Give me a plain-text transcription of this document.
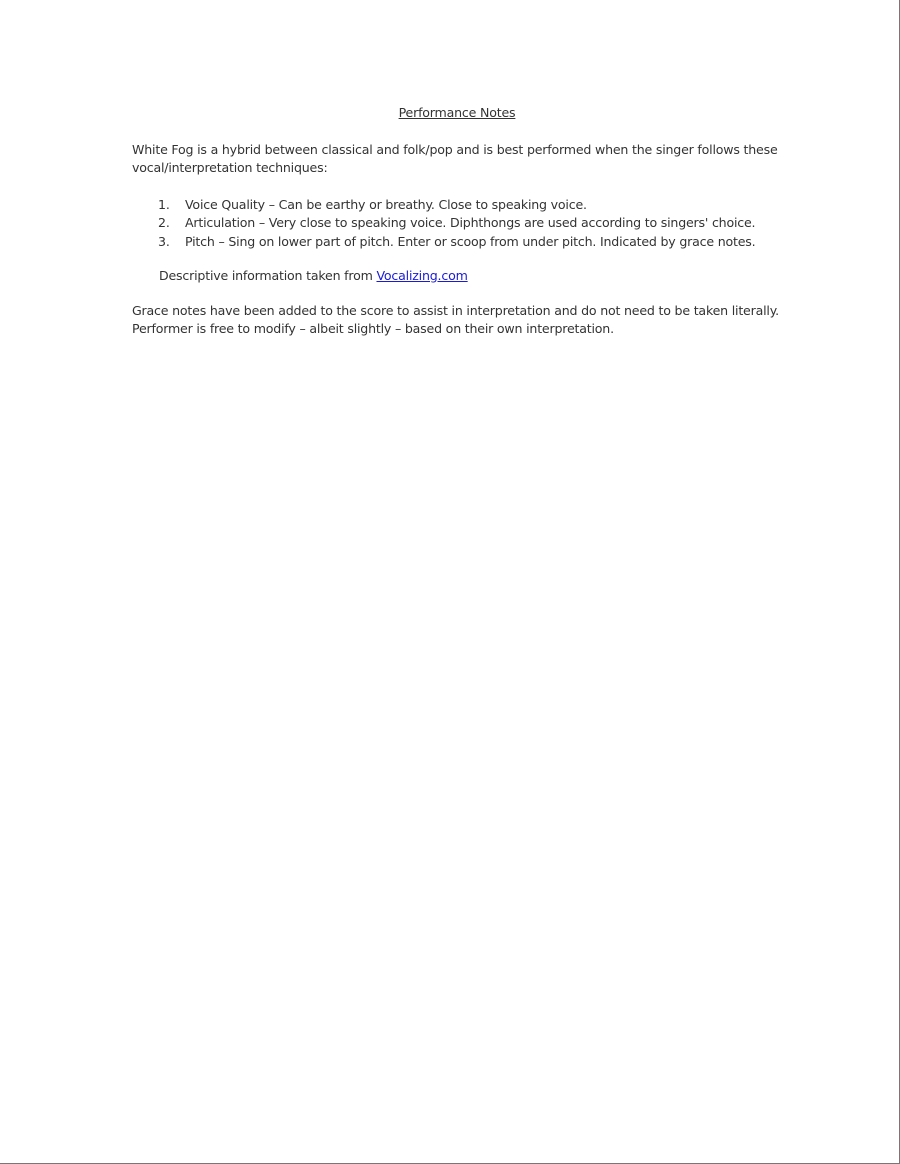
Performance Notes

White Fog is a hybrid between classical and folk/pop and is best performed when the singer follows these vocal/interpretation techniques:

1. Voice Quality – Can be earthy or breathy. Close to speaking voice.
2. Articulation – Very close to speaking voice. Diphthongs are used according to singers' choice.
3. Pitch – Sing on lower part of pitch. Enter or scoop from under pitch. Indicated by grace notes.

Descriptive information taken from Vocalizing.com

Grace notes have been added to the score to assist in interpretation and do not need to be taken literally. Performer is free to modify – albeit slightly – based on their own interpretation.
